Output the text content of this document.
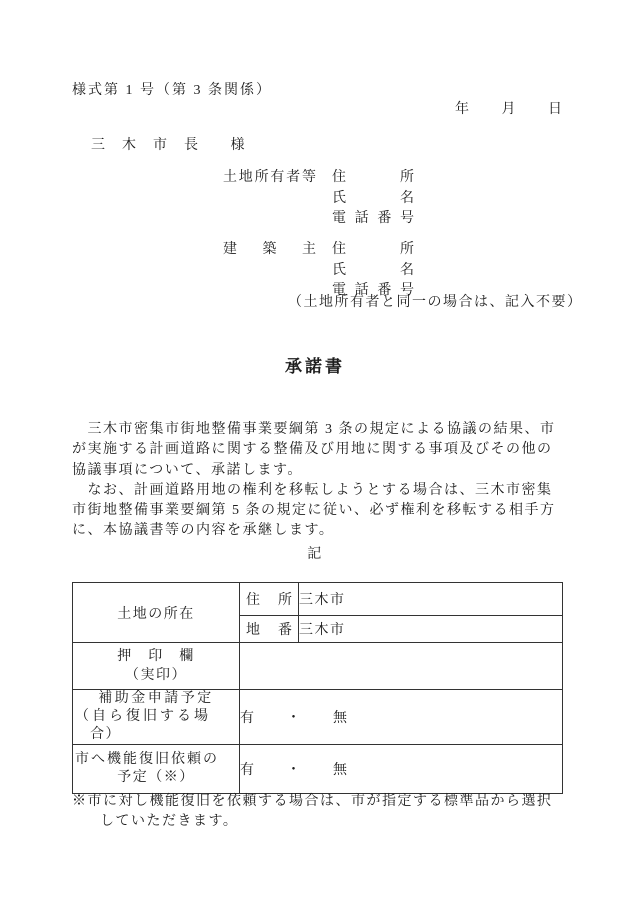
様式第 1 号（第 3 条関係）
年　　月　　日
三　木　市　長　　様
土地所有者等 住　所
氏　名
電話番号
建築主 住　所
氏　名
電話番号
（土地所有者と同一の場合は、記入不要）
承諾書
　三木市密集市街地整備事業要綱第 3 条の規定による協議の結果、市
が実施する計画道路に関する整備及び用地に関する事項及びその他の
協議事項について、承諾します。
　なお、計画道路用地の権利を移転しようとする場合は、三木市密集
市街地整備事業要綱第 5 条の規定に従い、必ず権利を移転する相手方
に、本協議書等の内容を承継します。
記
土地の所在	住　所	三木市

	地　番	三木市

押　印　欄
（実印）		

補助金申請予定
（自ら復旧する場
合）	有　　・　　無	

市へ機能復旧依頼の
予定（※）	有　　・　　無	
※市に対し機能復旧を依頼する場合は、市が指定する標準品から選択
していただきます。
